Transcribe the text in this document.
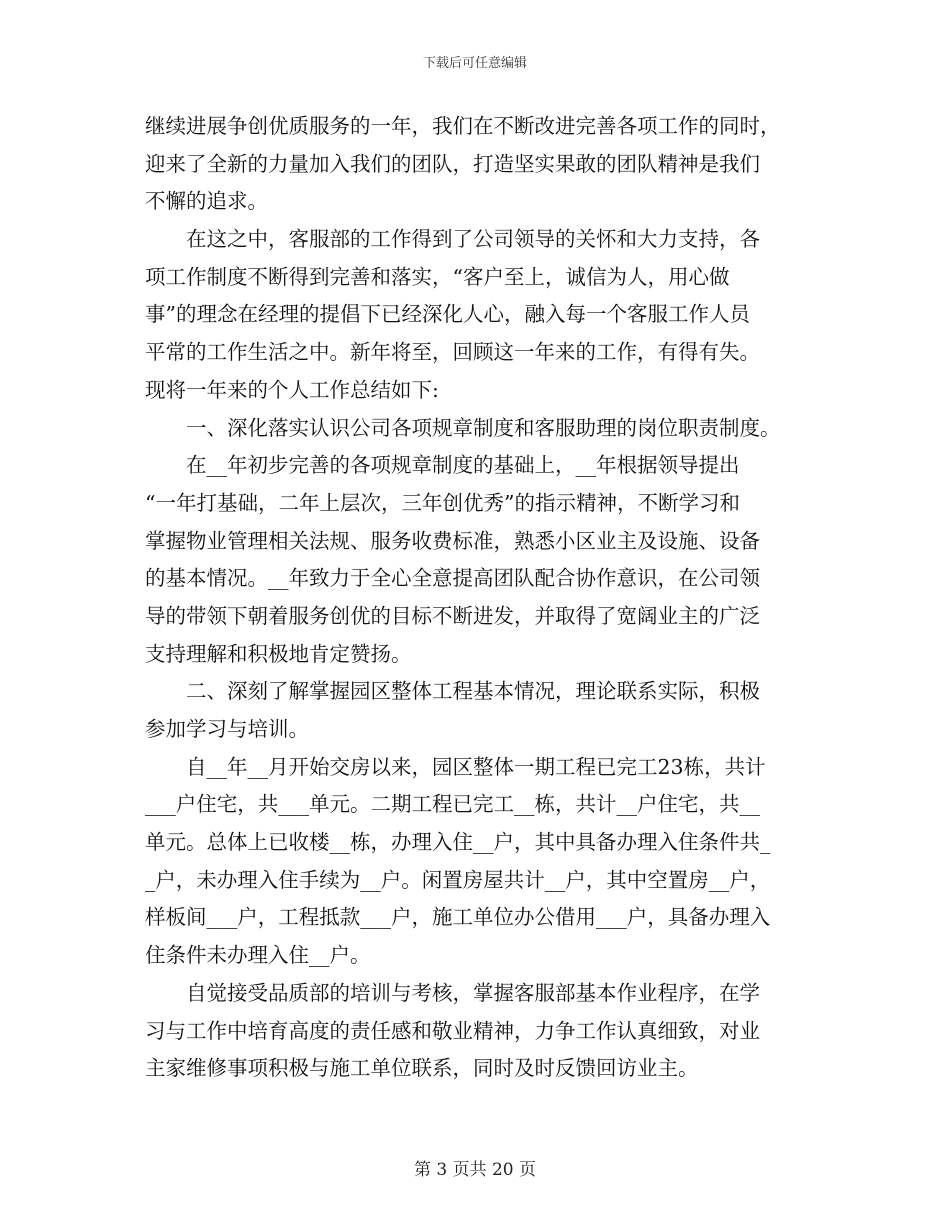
下载后可任意编辑
继续进展争创优质服务的一年，我们在不断改进完善各项工作的同时，
迎来了全新的力量加入我们的团队，打造坚实果敢的团队精神是我们
不懈的追求。
在这之中，客服部的工作得到了公司领导的关怀和大力支持，各
项工作制度不断得到完善和落实，“客户至上，诚信为人，用心做
事”的理念在经理的提倡下已经深化人心，融入每一个客服工作人员
平常的工作生活之中。新年将至，回顾这一年来的工作，有得有失。
现将一年来的个人工作总结如下:
一、深化落实认识公司各项规章制度和客服助理的岗位职责制度。
在__年初步完善的各项规章制度的基础上，__年根据领导提出
“一年打基础，二年上层次，三年创优秀”的指示精神，不断学习和
掌握物业管理相关法规、服务收费标准，熟悉小区业主及设施、设备
的基本情况。__年致力于全心全意提高团队配合协作意识，在公司领
导的带领下朝着服务创优的目标不断进发，并取得了宽阔业主的广泛
支持理解和积极地肯定赞扬。
二、深刻了解掌握园区整体工程基本情况，理论联系实际，积极
参加学习与培训。
自__年__月开始交房以来，园区整体一期工程已完工23栋，共计
___户住宅，共___单元。二期工程已完工__栋，共计__户住宅，共__
单元。总体上已收楼__栋，办理入住__户，其中具备办理入住条件共_
_户，未办理入住手续为__户。闲置房屋共计__户，其中空置房__户，
样板间___户，工程抵款___户，施工单位办公借用___户，具备办理入
住条件未办理入住__户。
自觉接受品质部的培训与考核，掌握客服部基本作业程序，在学
习与工作中培育高度的责任感和敬业精神，力争工作认真细致，对业
主家维修事项积极与施工单位联系，同时及时反馈回访业主。
第 3 页共 20 页
